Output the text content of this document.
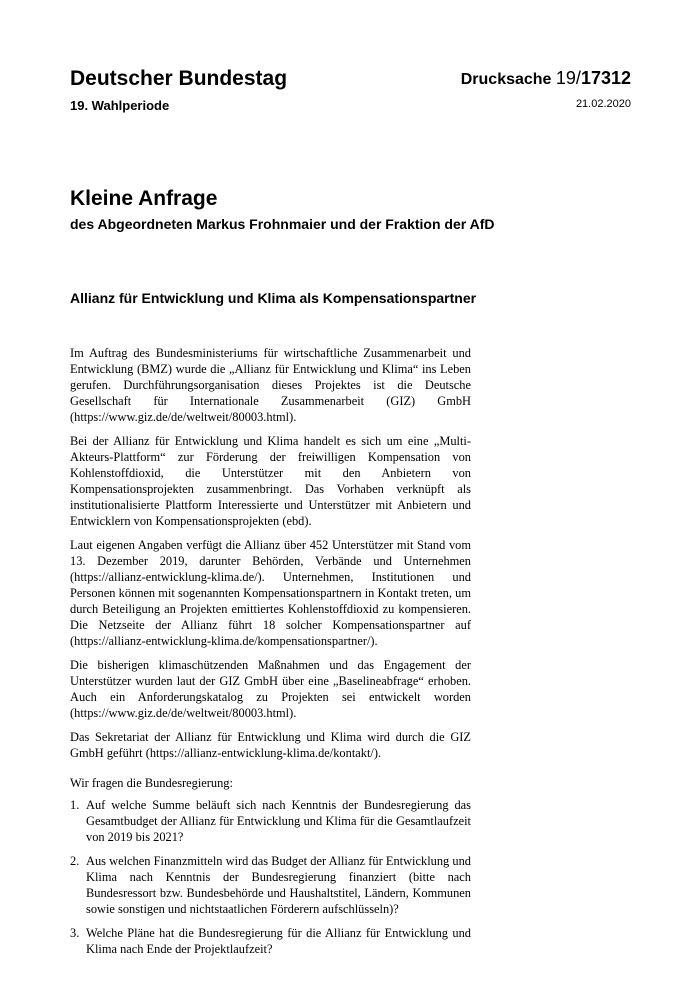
Deutscher Bundestag
19. Wahlperiode
Drucksache 19/17312
21.02.2020
Kleine Anfrage
des Abgeordneten Markus Frohnmaier und der Fraktion der AfD
Allianz für Entwicklung und Klima als Kompensationspartner

Im Auftrag des Bundesministeriums für wirtschaftliche Zusammenarbeit und Entwicklung (BMZ) wurde die „Allianz für Entwicklung und Klima“ ins Leben gerufen. Durchführungsorganisation dieses Projektes ist die Deutsche Gesellschaft für Internationale Zusammenarbeit (GIZ) GmbH (https://www.giz.de/de/weltweit/80003.html).

Bei der Allianz für Entwicklung und Klima handelt es sich um eine „Multi-Akteurs-Plattform“ zur Förderung der freiwilligen Kompensation von Kohlenstoffdioxid, die Unterstützer mit den Anbietern von Kompensationsprojekten zusammenbringt. Das Vorhaben verknüpft als institutionalisierte Plattform Interessierte und Unterstützer mit Anbietern und Entwicklern von Kompensationsprojekten (ebd).

Laut eigenen Angaben verfügt die Allianz über 452 Unterstützer mit Stand vom 13. Dezember 2019, darunter Behörden, Verbände und Unternehmen (https://allianz-entwicklung-klima.de/). Unternehmen, Institutionen und Personen können mit sogenannten Kompensationspartnern in Kontakt treten, um durch Beteiligung an Projekten emittiertes Kohlenstoffdioxid zu kompensieren. Die Netzseite der Allianz führt 18 solcher Kompensationspartner auf (https://allianz-entwicklung-klima.de/kompensationspartner/).

Die bisherigen klimaschützenden Maßnahmen und das Engagement der Unterstützer wurden laut der GIZ GmbH über eine „Baselineabfrage“ erhoben. Auch ein Anforderungskatalog zu Projekten sei entwickelt worden (https://www.giz.de/de/weltweit/80003.html).

Das Sekretariat der Allianz für Entwicklung und Klima wird durch die GIZ GmbH geführt (https://allianz-entwicklung-klima.de/kontakt/).

Wir fragen die Bundesregierung:

1. Auf welche Summe beläuft sich nach Kenntnis der Bundesregierung das Gesamtbudget der Allianz für Entwicklung und Klima für die Gesamtlaufzeit von 2019 bis 2021?
2. Aus welchen Finanzmitteln wird das Budget der Allianz für Entwicklung und Klima nach Kenntnis der Bundesregierung finanziert (bitte nach Bundesressort bzw. Bundesbehörde und Haushaltstitel, Ländern, Kommunen sowie sonstigen und nichtstaatlichen Förderern aufschlüsseln)?
3. Welche Pläne hat die Bundesregierung für die Allianz für Entwicklung und Klima nach Ende der Projektlaufzeit?
